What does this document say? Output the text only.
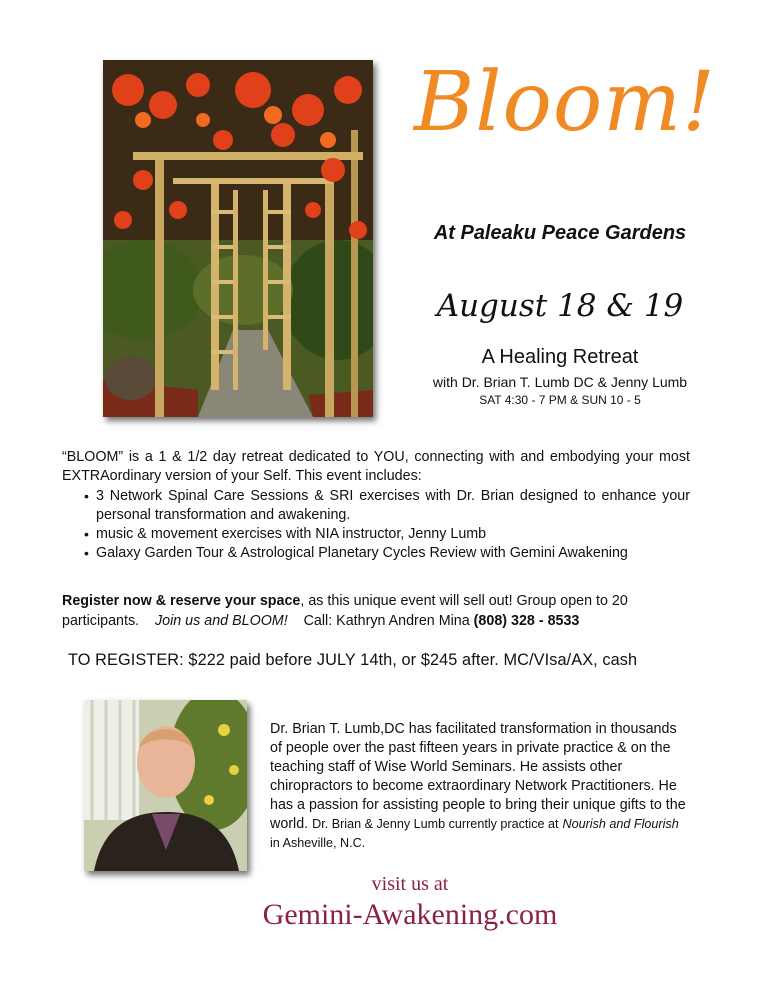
Bloom!
At Paleaku Peace Gardens
August 18 & 19
A Healing Retreat
with Dr. Brian T. Lumb DC & Jenny Lumb
SAT 4:30 - 7 PM & SUN 10 - 5
“BLOOM” is a 1 & 1/2 day retreat dedicated to YOU, connecting with and embodying your most EXTRAordinary version of your Self. This event includes:
• 3 Network Spinal Care Sessions & SRI exercises with Dr. Brian designed to enhance your personal transformation and awakening.
• music & movement exercises with NIA instructor, Jenny Lumb
• Galaxy Garden Tour & Astrological Planetary Cycles Review with Gemini Awakening
Register now & reserve your space, as this unique event will sell out! Group open to 20 participants. Join us and BLOOM! Call: Kathryn Andren Mina (808) 328 - 8533
TO REGISTER: $222 paid before JULY 14th, or $245 after. MC/VIsa/AX, cash
Dr. Brian T. Lumb,DC has facilitated transformation in thousands of people over the past fifteen years in private practice & on the teaching staff of Wise World Seminars. He assists other chiropractors to become extraordinary Network Practitioners. He has a passion for assisting people to bring their unique gifts to the world. Dr. Brian & Jenny Lumb currently practice at Nourish and Flourish in Asheville, N.C.
visit us at
Gemini-Awakening.com
